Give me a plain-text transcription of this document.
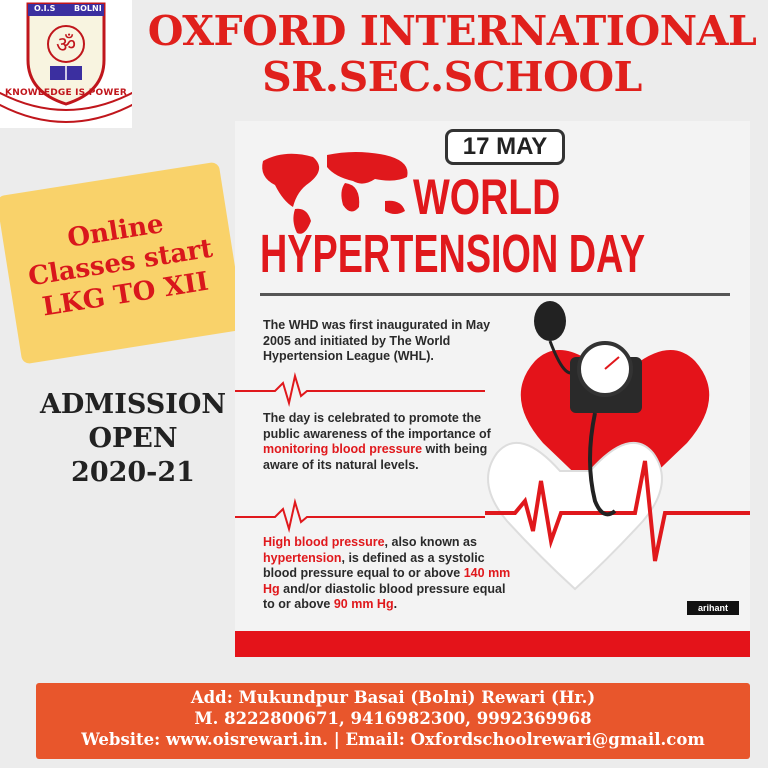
ॐ
O.I.S BOLNI
KNOWLEDGE IS POWER
OXFORD INTERNATIONAL
SR.SEC.SCHOOL
Online
Classes start
LKG TO XII
ADMISSION
OPEN
2020-21
17 MAY
WORLD
HYPERTENSION DAY
The WHD was first inaugurated in May 2005 and initiated by The World Hypertension League (WHL).
The day is celebrated to promote the public awareness of the importance of monitoring blood pressure with being aware of its natural levels.
High blood pressure, also known as hypertension, is defined as a systolic blood pressure equal to or above 140 mm Hg and/or diastolic blood pressure equal to or above 90 mm Hg.	arihant
Add: Mukundpur Basai (Bolni) Rewari (Hr.)
M. 8222800671, 9416982300, 9992369968
Website: www.oisrewari.in. | Email: Oxfordschoolrewari@gmail.com
